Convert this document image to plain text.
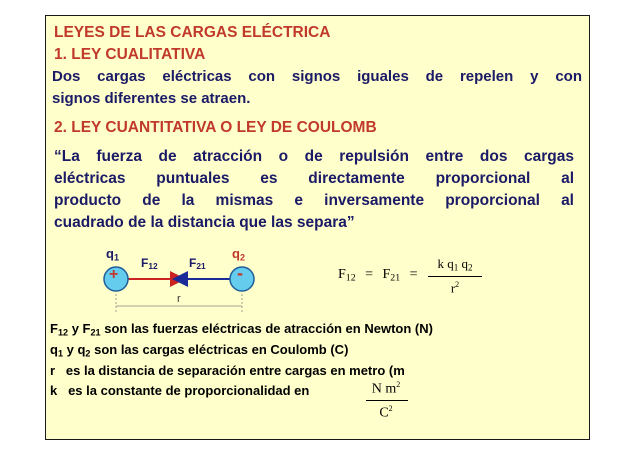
LEYES DE LAS CARGAS ELÉCTRICA
1. LEY CUALITATIVA
Dos cargas eléctricas con signos iguales de repelen y con
signos diferentes se atraen.
2. LEY CUANTITATIVA O LEY DE COULOMB
“La fuerza de atracción o de repulsión entre dos cargas
eléctricas puntuales es directamente proporcional al
producto de la mismas e inversamente proporcional al
cuadrado de la distancia que las separa”
+	-
$q_1$	$q_2$
$F_{12}$	$F_{21}$
r
$F_{12} = F_{21}$ =
k $q_1$ $q_2$
$r^2$
$F_{12}$ y $F_{21}$ son las fuerzas eléctricas de atracción en Newton (N)
$q_1$ y $q_2$ son las cargas eléctricas en Coulomb (C)
r   es la distancia de separación entre cargas en metro (m
k   es la constante de proporcionalidad en	N $m^2$
$C^2$
